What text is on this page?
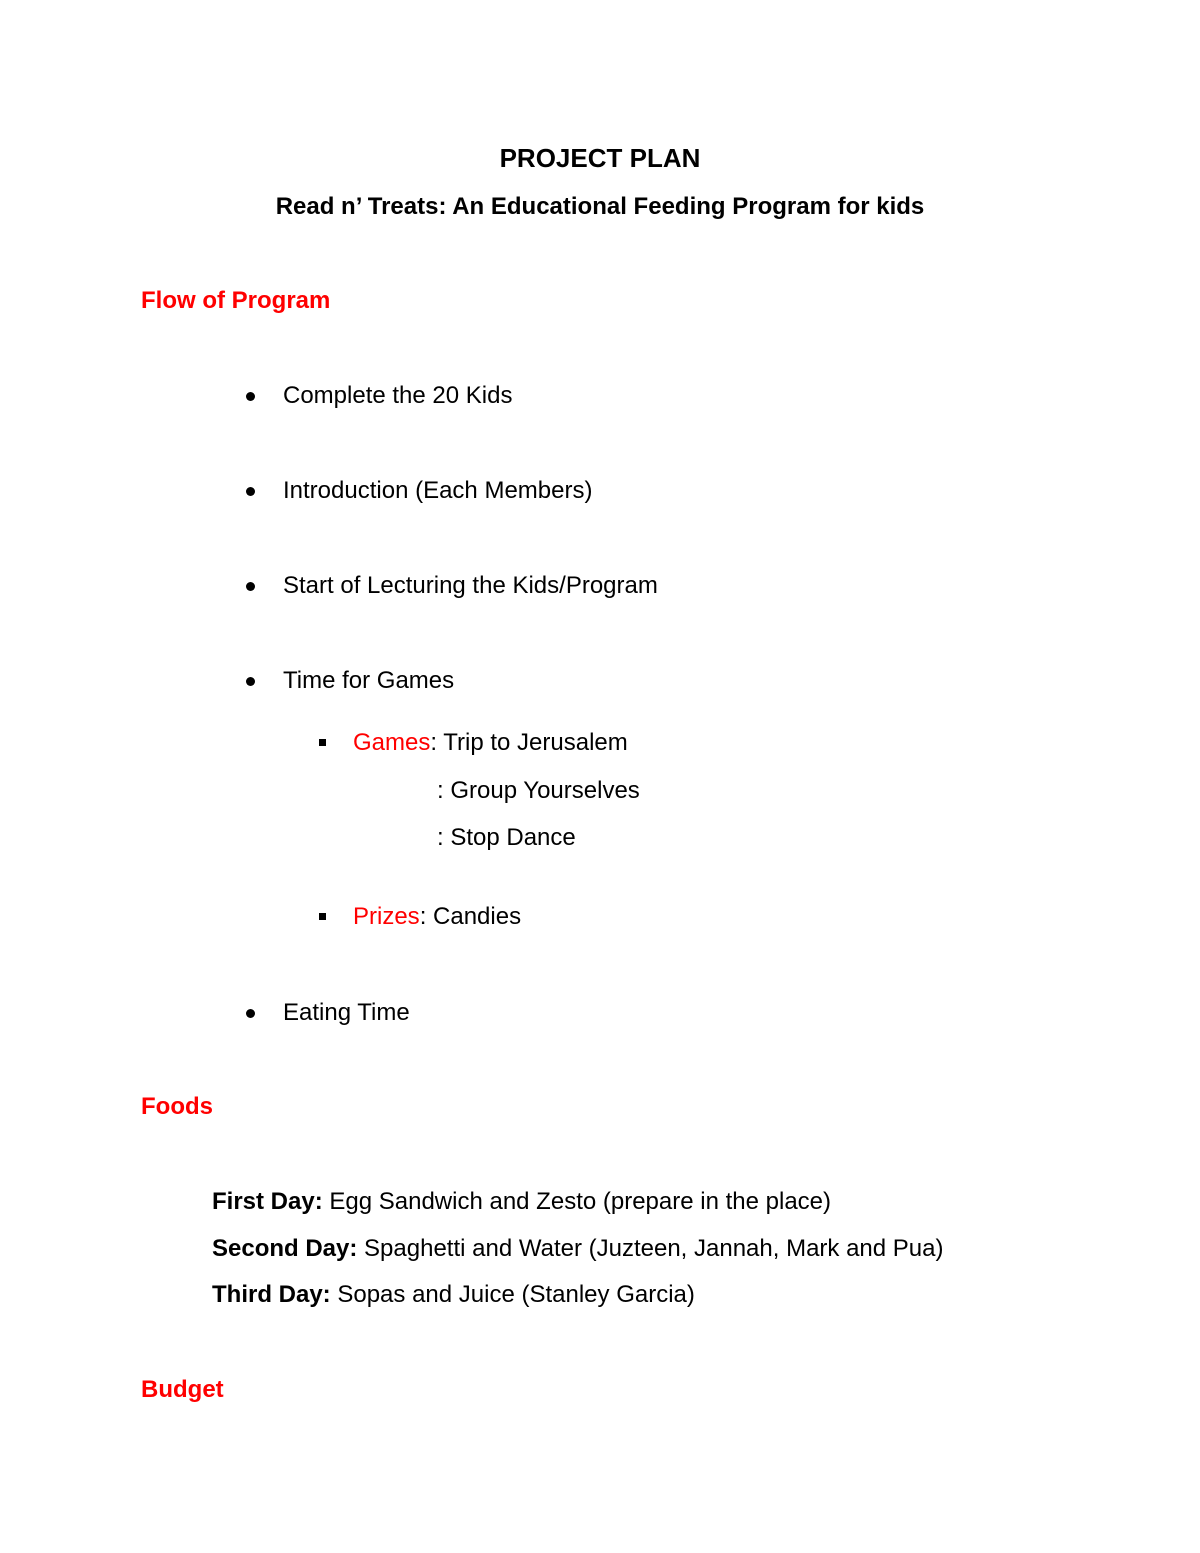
PROJECT PLAN
Read n’ Treats: An Educational Feeding Program for kids
Flow of Program
Complete the 20 Kids
Introduction (Each Members)
Start of Lecturing the Kids/Program
Time for Games
Games: Trip to Jerusalem
: Group Yourselves
: Stop Dance
Prizes: Candies
Eating Time
Foods
First Day: Egg Sandwich and Zesto (prepare in the place)
Second Day: Spaghetti and Water (Juzteen, Jannah, Mark and Pua)
Third Day: Sopas and Juice (Stanley Garcia)
Budget
